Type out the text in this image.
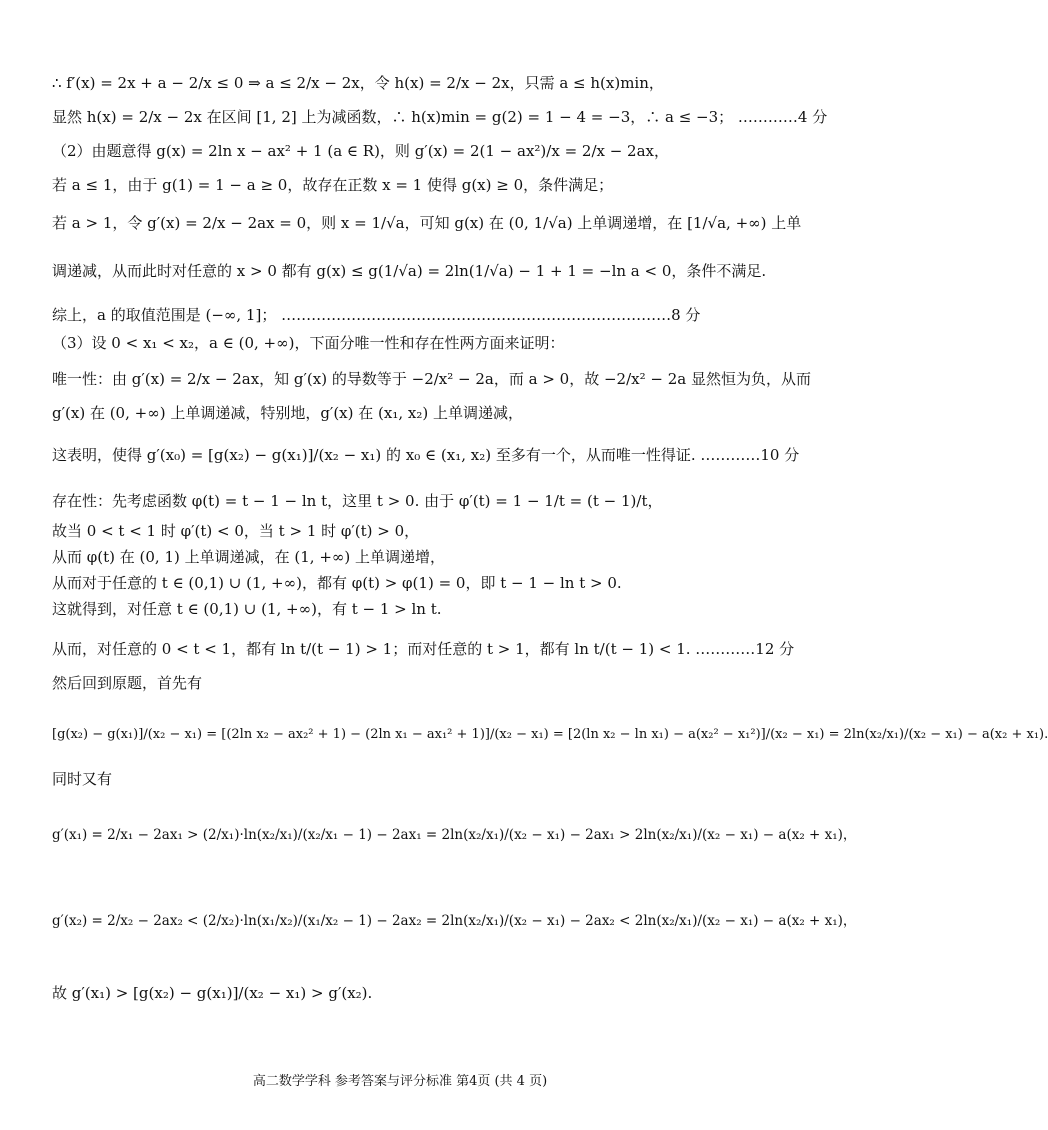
∴ f′(x) = 2x + a − 2/x ≤ 0 ⇒ a ≤ 2/x − 2x，令 h(x) = 2/x − 2x，只需 a ≤ h(x)min，
显然 h(x) = 2/x − 2x 在区间 [1, 2] 上为减函数，∴ h(x)min = g(2) = 1 − 4 = −3，∴ a ≤ −3； …………4 分
（2）由题意得 g(x) = 2ln x − ax² + 1 (a ∈ R)，则 g′(x) = 2(1 − ax²)/x = 2/x − 2ax，
若 a ≤ 1，由于 g(1) = 1 − a ≥ 0，故存在正数 x = 1 使得 g(x) ≥ 0，条件满足；
若 a > 1，令 g′(x) = 2/x − 2ax = 0，则 x = 1/√a，可知 g(x) 在 (0, 1/√a) 上单调递增，在 [1/√a, +∞) 上单
调递减，从而此时对任意的 x > 0 都有 g(x) ≤ g(1/√a) = 2ln(1/√a) − 1 + 1 = −ln a < 0，条件不满足.
综上，a 的取值范围是 (−∞, 1]； ……………………………………………………………………8 分
（3）设 0 < x₁ < x₂，a ∈ (0, +∞)，下面分唯一性和存在性两方面来证明：
唯一性：由 g′(x) = 2/x − 2ax，知 g′(x) 的导数等于 −2/x² − 2a，而 a > 0，故 −2/x² − 2a 显然恒为负，从而
g′(x) 在 (0, +∞) 上单调递减，特别地，g′(x) 在 (x₁, x₂) 上单调递减，
这表明，使得 g′(x₀) = [g(x₂) − g(x₁)]/(x₂ − x₁) 的 x₀ ∈ (x₁, x₂) 至多有一个，从而唯一性得证. …………10 分
存在性：先考虑函数 φ(t) = t − 1 − ln t，这里 t > 0. 由于 φ′(t) = 1 − 1/t = (t − 1)/t，
故当 0 < t < 1 时 φ′(t) < 0，当 t > 1 时 φ′(t) > 0，
从而 φ(t) 在 (0, 1) 上单调递减，在 (1, +∞) 上单调递增，
从而对于任意的 t ∈ (0,1) ∪ (1, +∞)，都有 φ(t) > φ(1) = 0，即 t − 1 − ln t > 0.
这就得到，对任意 t ∈ (0,1) ∪ (1, +∞)，有 t − 1 > ln t.
从而，对任意的 0 < t < 1，都有 ln t/(t − 1) > 1；而对任意的 t > 1，都有 ln t/(t − 1) < 1. …………12 分
然后回到原题，首先有
[g(x₂) − g(x₁)]/(x₂ − x₁) = [(2ln x₂ − ax₂² + 1) − (2ln x₁ − ax₁² + 1)]/(x₂ − x₁) = [2(ln x₂ − ln x₁) − a(x₂² − x₁²)]/(x₂ − x₁) = 2ln(x₂/x₁)/(x₂ − x₁) − a(x₂ + x₁).
同时又有
g′(x₁) = 2/x₁ − 2ax₁ > (2/x₁)·ln(x₂/x₁)/(x₂/x₁ − 1) − 2ax₁ = 2ln(x₂/x₁)/(x₂ − x₁) − 2ax₁ > 2ln(x₂/x₁)/(x₂ − x₁) − a(x₂ + x₁)，
g′(x₂) = 2/x₂ − 2ax₂ < (2/x₂)·ln(x₁/x₂)/(x₁/x₂ − 1) − 2ax₂ = 2ln(x₂/x₁)/(x₂ − x₁) − 2ax₂ < 2ln(x₂/x₁)/(x₂ − x₁) − a(x₂ + x₁)，
故 g′(x₁) > [g(x₂) − g(x₁)]/(x₂ − x₁) > g′(x₂).
高二数学学科 参考答案与评分标准 第4页 (共 4 页)
